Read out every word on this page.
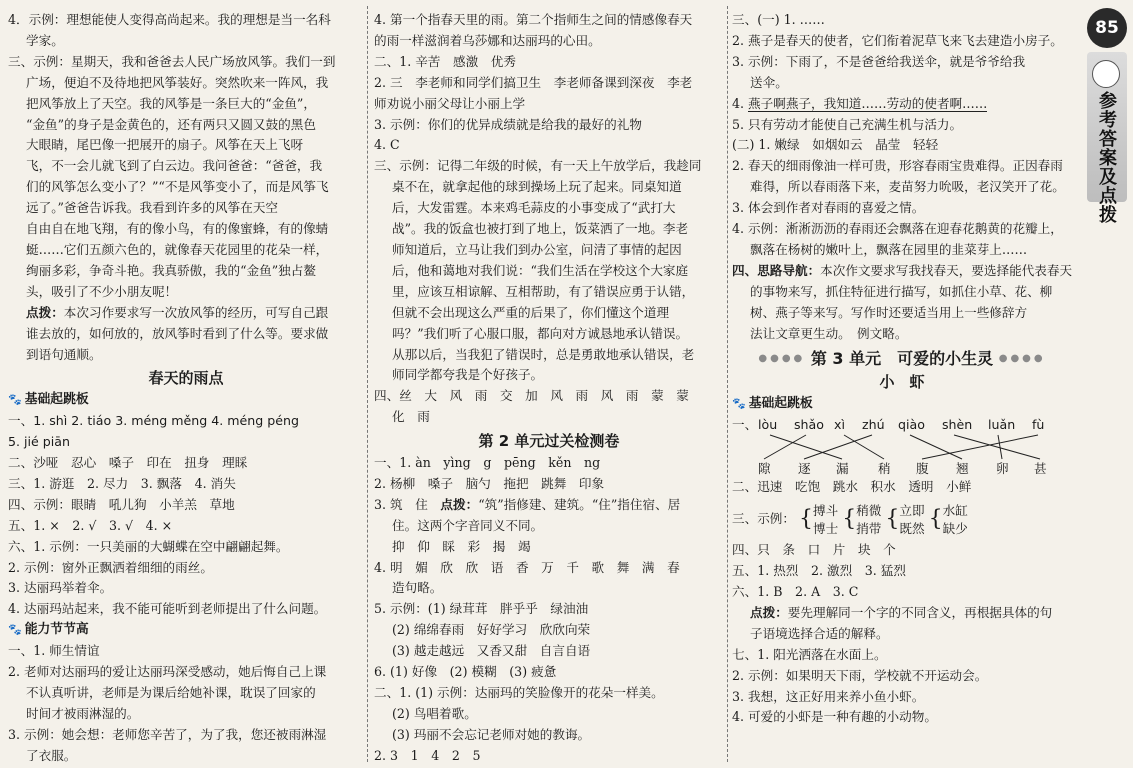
4．示例：理想能使人变得高尚起来。我的理想是当一名科
学家。
三、示例：星期天，我和爸爸去人民广场放风筝。我们一到
广场，便迫不及待地把风筝装好。突然吹来一阵风，我
把风筝放上了天空。我的风筝是一条巨大的“金鱼”，
“金鱼”的身子是金黄色的，还有两只又圆又鼓的黑色
大眼睛，尾巴像一把展开的扇子。风筝在天上飞呀
飞，不一会儿就飞到了白云边。我问爸爸：“爸爸，我
们的风筝怎么变小了？”“不是风筝变小了，而是风筝飞
远了。”爸爸告诉我。我看到许多的风筝在天空
自由自在地飞翔，有的像小鸟，有的像蜜蜂，有的像蜻
蜓……它们五颜六色的，就像春天花园里的花朵一样，
绚丽多彩，争奇斗艳。我真骄傲，我的“金鱼”独占鳌
头，吸引了不少小朋友呢！
点拨：本次习作要求写一次放风筝的经历，可写自己跟
谁去放的，如何放的，放风筝时看到了什么等。要求做
到语句通顺。
春天的雨点
🐾 基础起跳板
一、1. shì 2. tiáo 3. méng měng 4. méng péng
5. jié piān
二、沙哑　忍心　嗓子　印在　扭身　理睬
三、1. 游逛　2. 尽力　3. 飘落　4. 消失
四、示例：眼睛　吼儿狗　小羊羔　草地
五、1. ×　2. √　3. √　4. ×
六、1. 示例：一只美丽的大蝴蝶在空中翩翩起舞。
2. 示例：窗外正飘洒着细细的雨丝。
3. 达丽玛举着伞。
4. 达丽玛站起来，我不能可能听到老师提出了什么问题。
🐾 能力节节高
一、1. 师生情谊
2. 老师对达丽玛的爱让达丽玛深受感动，她后悔自己上课
不认真听讲，老师是为课后给她补课，耽误了回家的
时间才被雨淋湿的。
3. 示例：她会想：老师您辛苦了，为了我，您还被雨淋湿
了衣服。
4. 第一个指春天里的雨。第二个指师生之间的情感像春天
的雨一样滋润着乌莎娜和达丽玛的心田。
二、1. 辛苦　感激　优秀
2. 三　李老师和同学们搞卫生　李老师备课到深夜　李老
师劝说小丽父母让小丽上学
3. 示例：你们的优异成绩就是给我的最好的礼物
4. C
三、示例：记得二年级的时候，有一天上午放学后，我趁同
桌不在，就拿起他的球到操场上玩了起来。同桌知道
后，大发雷霆。本来鸡毛蒜皮的小事变成了“武打大
战”。我的饭盒也被打到了地上，饭菜洒了一地。李老
师知道后，立马让我们到办公室，问清了事情的起因
后，他和蔼地对我们说：“我们生活在学校这个大家庭
里，应该互相谅解、互相帮助，有了错误应勇于认错，
但就不会出现这么严重的后果了，你们懂这个道理
吗？”我们听了心服口服，都向对方诚恳地承认错误。
从那以后，当我犯了错误时，总是勇敢地承认错误，老
师同学都夸我是个好孩子。
四、丝　大　风　雨　交　加　风　雨　风　雨　蒙　蒙
化　雨
第 2 单元过关检测卷
一、1. àn　yìng　g　pēng　kěn　ng
2. 杨柳　嗓子　脑勺　拖把　跳舞　印象
3. 筑　住　点拨：“筑”指修建、建筑。“住”指住宿、居
住。这两个字音同义不同。
抑　仰　睬　彩　揭　竭
4. 明　媚　欣　欣　语　香　万　千　歌　舞　满　春
造句略。
5. 示例：(1) 绿茸茸　胖乎乎　绿油油
(2) 绵绵春雨　好好学习　欣欣向荣
(3) 越走越远　又香又甜　自言自语
6. (1) 好像　(2) 模糊　(3) 疲惫
二、1. (1) 示例：达丽玛的笑脸像开的花朵一样美。
(2) 鸟唱着歌。
(3) 玛丽不会忘记老师对她的教诲。
2. 3　1　4　2　5
三、(一) 1. ……
2. 燕子是春天的使者，它们衔着泥草飞来飞去建造小房子。
3. 示例：下雨了，不是爸爸给我送伞，就是爷爷给我
送伞。
4. 燕子啊燕子，我知道……劳动的使者啊……
5. 只有劳动才能使自己充满生机与活力。
(二) 1. 嫩绿　如烟如云　晶莹　轻轻
2. 春天的细雨像油一样可贵，形容春雨宝贵难得。正因春雨
难得，所以春雨落下来，麦苗努力吮吸，老汉笑开了花。
3. 体会到作者对春雨的喜爱之情。
4. 示例：淅淅沥沥的春雨还会飘落在迎春花鹅黄的花瓣上，
飘落在杨树的嫩叶上，飘落在园里的韭菜芽上……
四、思路导航：本次作文要求写我找春天，要选择能代表春天
的事物来写，抓住特征进行描写，如抓住小草、花、柳
树、燕子等来写。写作时还要适当用上一些修辞方
法让文章更生动。　例文略。
●●●● 第 3 单元　可爱的小生灵 ●●●●
小　虾
🐾 基础起跳板
一、 lòu shǎo xì zhú qiào shèn luǎn fù
隙 逐 漏 稍 腹 翘 卵 甚
二、迅速　吃饱　跳水　积水　透明　小鲜
三、示例： {搏斗
博士 {稍微
捎带 {立即
既然 {水缸
缺少
四、只　条　口　片　块　个
五、1. 热烈　2. 激烈　3. 猛烈
六、1. B　2. A　3. C
点拨：要先理解同一个字的不同含义，再根据具体的句
子语境选择合适的解释。
七、1. 阳光洒落在水面上。
2. 示例：如果明天下雨，学校就不开运动会。
3. 我想，这正好用来养小鱼小虾。
4. 可爱的小虾是一种有趣的小动物。
85
参考答案及点拨
